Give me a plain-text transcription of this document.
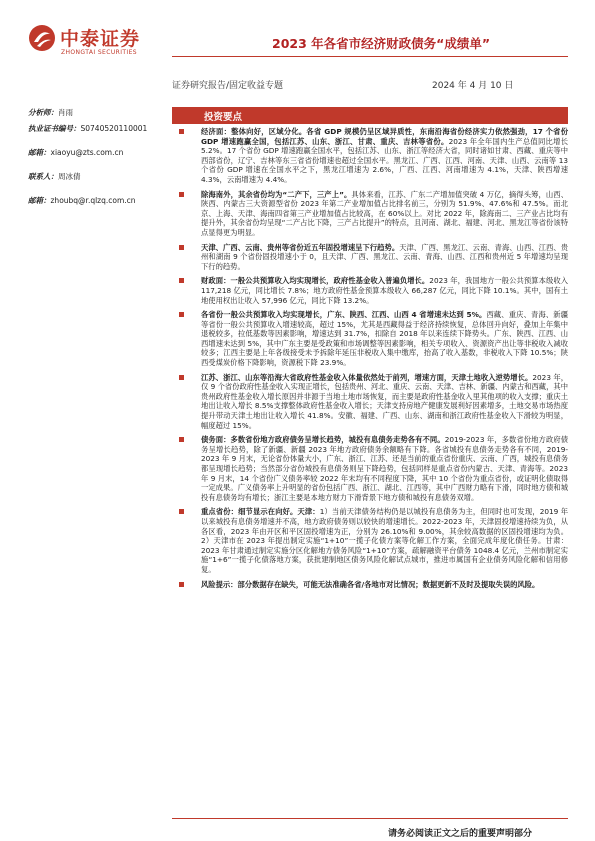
中泰证券
ZHONGTAI SECURITIES
2023 年各省市经济财政债务“成绩单”
证券研究报告/固定收益专题	2024 年 4 月 10 日
分析师：肖雨
执业证书编号：S0740520110001
邮箱：xiaoyu@zts.com.cn
联系人：周冰倩
邮箱：zhoubq@r.qlzq.com.cn
投资要点
经济面：整体向好，区域分化。各省 GDP 规模仍呈区域异质性，东南沿海省份经济实力依然强劲，17 个省份 GDP 增速跑赢全国，包括江苏、山东、浙江、甘肃、重庆、吉林等省份。2023 年全年国内生产总值同比增长 5.2%。17 个省份 GDP 增速跑赢全国水平，包括江苏、山东、浙江等经济大省，同时诸如甘肃、西藏、重庆等中西部省份，辽宁、吉林等东三省省份增速也超过全国水平。黑龙江、广西、江西、河南、天津、山西、云南等 13 个省份 GDP 增速在全国水平之下，黑龙江增速为 2.6%，广西、江西、河南增速为 4.1%，天津、陕西增速 4.3%，云南增速为 4.4%。
除海南外，其余省份均为“二产下，三产上”。具体来看，江苏、广东二产增加值突破 4 万亿，摘得头筹，山西、陕西、内蒙古三大资源型省份 2023 年第二产业增加值占比排名前三，分别为 51.9%、47.6%和 47.5%。而北京、上海、天津、海南四省第三产业增加值占比较高，在 60%以上。对比 2022 年，除海南二、三产业占比均有提升外，其余省份均呈现“二产占比下降，三产占比提升”的特点，且河南、湖北、福建、河北、黑龙江等省份该特点显得更为明显。
天津、广西、云南、贵州等省份近五年固投增速呈下行趋势。天津、广西、黑龙江、云南、青海、山西、江西、贵州和湖南 9 个省份固投增速小于 0，且天津、广西、黑龙江、云南、青海、山西、江西和贵州近 5 年增速均呈现下行的趋势。
财政面：一般公共预算收入均实现增长，政府性基金收入普遍负增长。2023 年，我国地方一般公共预算本级收入 117,218 亿元，同比增长 7.8%；地方政府性基金预算本级收入 66,287 亿元，同比下降 10.1%。其中，国有土地使用权出让收入 57,996 亿元，同比下降 13.2%。
各省份一般公共预算收入均实现增长，广东、陕西、江西、山西 4 省增速未达到 5%。西藏、重庆、青海、新疆等省份一般公共预算收入增速较高，超过 15%，尤其是西藏得益于经济持续恢复，总体回升向好，叠加上年集中退税较多，拉低基数等因素影响，增速达到 31.7%，扣除自 2018 年以来连续下降势头。广东、陕西、江西、山西增速未达到 5%，其中广东主要是受政策和市场调整等因素影响，相关专项收入、资源资产出让等非税收入减收较多；江西主要是上年各级接受未予拆除年延压非税收入集中缴库，抬高了收入基数，非税收入下降 10.5%；陕西受煤炭价格下降影响，资源税下降 23.9%。
江苏、浙江、山东等沿海大省政府性基金收入体量依然处于前列，增速方面，天津土地收入逆势增长。2023 年，仅 9 个省份政府性基金收入实现正增长，包括贵州、河北、重庆、云南、天津、吉林、新疆、内蒙古和西藏，其中贵州政府性基金收入增长原因并非源于当地土地市场恢复，而主要是政府性基金收入里其他项的收入支撑；重庆土地出让收入增长 8.5%支撑整体政府性基金收入增长；天津支持房地产健康发展利好因素增多，土地交易市场热度提升带动天津土地出让收入增长 41.8%。安徽、福建、广西、山东、湖南和浙江政府性基金收入下滑较为明显，幅度超过 15%。
债务面：多数省份地方政府债务呈增长趋势，城投有息债务走势各有不同。2019-2023 年，多数省份地方政府债务呈增长趋势，除了新疆、新疆 2023 年地方政府债务余额略有下降。各省城投有息债务走势各有不同，2019-2023 年 9 月末，无论省份体量大小，广东、浙江、江苏、还是当前的重点省份重庆、云南、广西，城投有息债务都呈现增长趋势；当然部分省份城投有息债务则呈下降趋势，包括同样是重点省份内蒙古、天津、青海等。2023 年 9 月末，14 个省份广义债务率较 2022 年末均有不同程度下降，其中 10 个省份为重点省份，或证明化债取得一定成果。广义债务率上升明显的省份包括广西、浙江、湖北、江西等，其中广西财力略有下滑，同时地方债和城投有息债务均有增长；浙江主要是本地方财力下滑背景下地方债和城投有息债务双增。
重点省份：细节显示在向好。天津：1）当前天津债务结构仍是以城投有息债务为主，但同时也可发现，2019 年以来城投有息债务增速并不高，地方政府债务则以较快的增速增长。2022-2023 年，天津固投增速持续为负，从各区看，2023 年由开区和平区固投增速为正，分别为 26.10%和 9.00%，其余较高数据的区固投增速均为负。2）天津市在 2023 年提出制定实施“1+10”一揽子化债方案等化解工作方案，全面完成年度化债任务。甘肃：2023 年甘肃通过制定实施分区化解地方债务风险“1+10”方案，疏解融资平台债务 1048.4 亿元，兰州市制定实施“1+6”一揽子化债落地方案，获批建制地区债务风险化解试点城市，推进市属国有企业债务风险化解和信用修复。
风险提示：部分数据存在缺失，可能无法准确各省/各地市对比情况；数据更新不及时及提取失误的风险。
请务必阅读正文之后的重要声明部分
